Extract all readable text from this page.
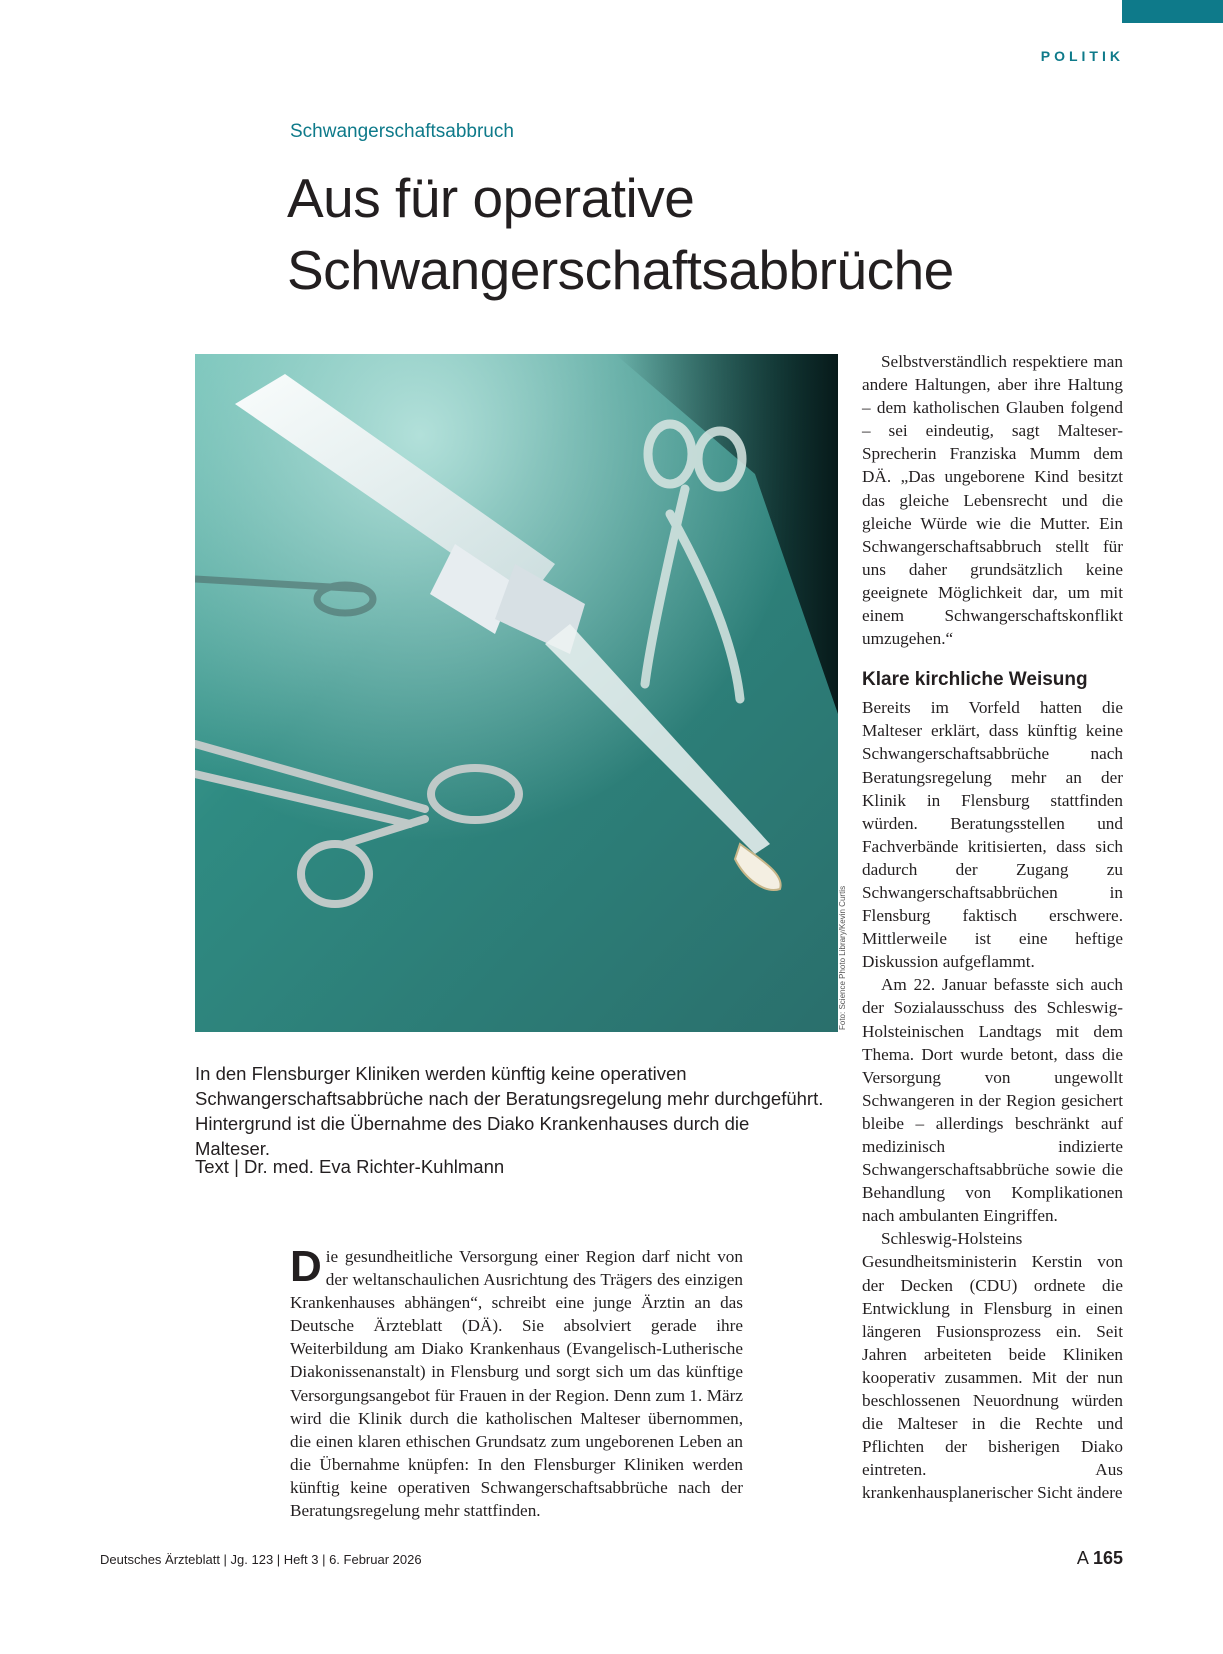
POLITIK
Schwangerschaftsabbruch
Aus für operative
Schwangerschaftsabbrüche
Foto: Science Photo Library/Kevin Curtis

In den Flensburger Kliniken werden künftig keine operativen Schwangerschaftsabbrüche nach der Beratungsregelung mehr durchgeführt. Hintergrund ist die Übernahme des Diako Krankenhauses durch die Malteser.

Text | Dr. med. Eva Richter-Kuhlmann

Die gesundheitliche Versorgung einer Region darf nicht von der weltanschaulichen Ausrichtung des Trägers des einzigen Krankenhauses abhängen“, schreibt eine junge Ärztin an das Deutsche Ärzteblatt (DÄ). Sie absolviert gerade ihre Weiterbildung am Diako Krankenhaus (Evangelisch-Lutherische Diakonissenanstalt) in Flensburg und sorgt sich um das künftige Versorgungsangebot für Frauen in der Region. Denn zum 1. März wird die Klinik durch die katholischen Malteser übernommen, die einen klaren ethischen Grundsatz zum ungeborenen Leben an die Übernahme knüpfen: In den Flensburger Kliniken werden künftig keine operativen Schwangerschaftsabbrüche nach der Beratungsregelung mehr stattfinden.

Selbstverständlich respektiere man andere Haltungen, aber ihre Haltung – dem katholischen Glauben folgend – sei eindeutig, sagt Malteser-Sprecherin Franziska Mumm dem DÄ. „Das ungeborene Kind besitzt das gleiche Lebensrecht und die gleiche Würde wie die Mutter. Ein Schwangerschaftsabbruch stellt für uns daher grundsätzlich keine geeignete Möglichkeit dar, um mit einem Schwangerschaftskonflikt umzugehen.“

Klare kirchliche Weisung

Bereits im Vorfeld hatten die Malteser erklärt, dass künftig keine Schwangerschaftsabbrüche nach Beratungsregelung mehr an der Klinik in Flensburg stattfinden würden. Beratungsstellen und Fachverbände kritisierten, dass sich dadurch der Zugang zu Schwangerschaftsabbrüchen in Flensburg faktisch erschwere. Mittlerweile ist eine heftige Diskussion aufgeflammt.

Am 22. Januar befasste sich auch der Sozialausschuss des Schleswig-Holsteinischen Landtags mit dem Thema. Dort wurde betont, dass die Versorgung von ungewollt Schwangeren in der Region gesichert bleibe – allerdings beschränkt auf medizinisch indizierte Schwangerschaftsabbrüche sowie die Behandlung von Komplikationen nach ambulanten Eingriffen.

Schleswig-Holsteins Gesundheitsministerin Kerstin von der Decken (CDU) ordnete die Entwicklung in Flensburg in einen längeren Fusionsprozess ein. Seit Jahren arbeiteten beide Kliniken kooperativ zusammen. Mit der nun beschlossenen Neuordnung würden die Malteser in die Rechte und Pflichten der bisherigen Diako eintreten. Aus krankenhausplanerischer Sicht ändere

Deutsches Ärzteblatt | Jg. 123 | Heft 3 | 6. Februar 2026	A 165
